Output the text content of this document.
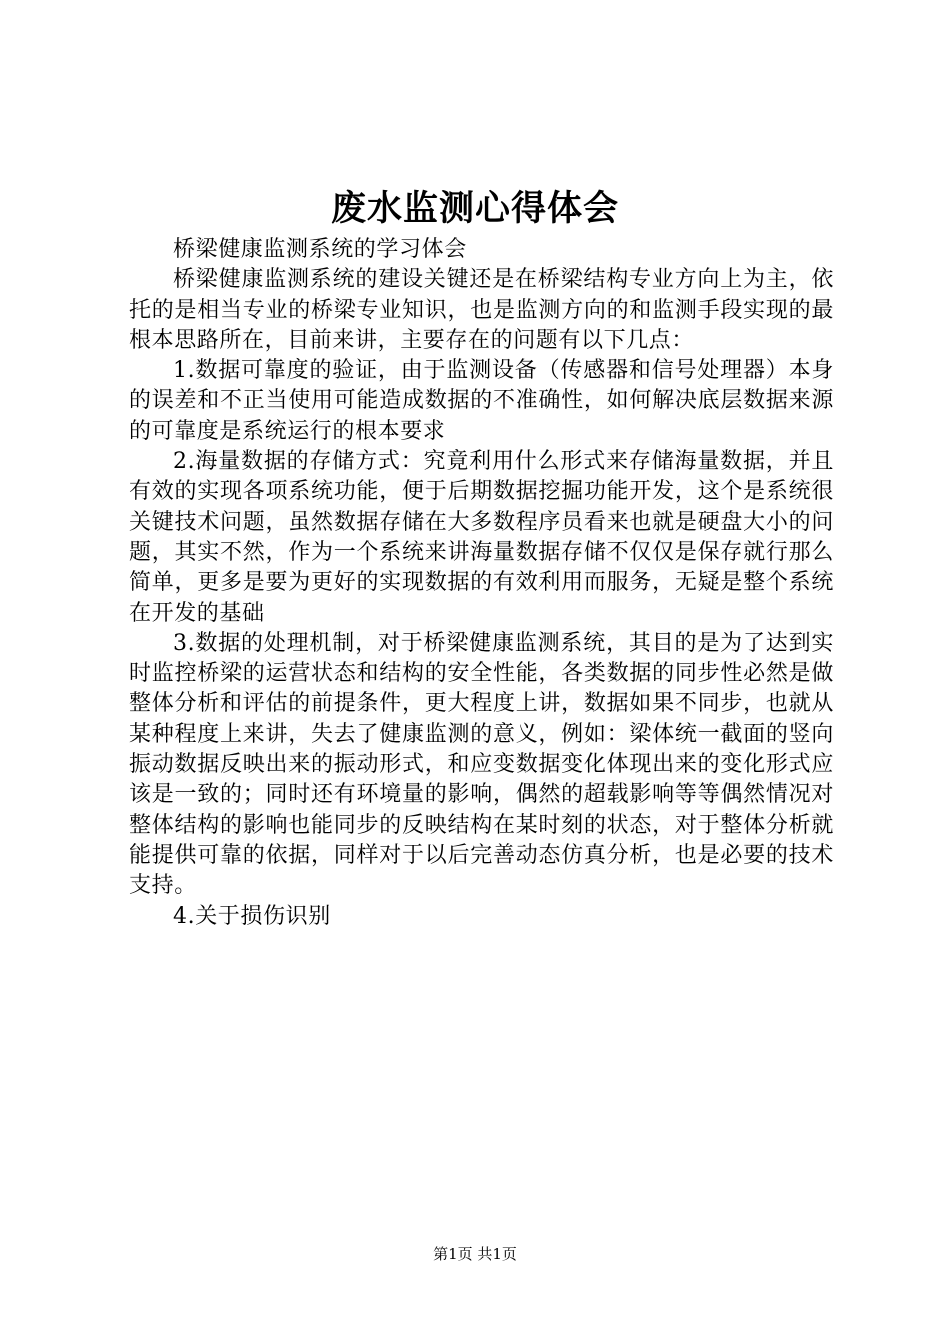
废水监测心得体会

桥梁健康监测系统的学习体会

桥梁健康监测系统的建设关键还是在桥梁结构专业方向上为主，依托的是相当专业的桥梁专业知识，也是监测方向的和监测手段实现的最根本思路所在，目前来讲，主要存在的问题有以下几点：

1.数据可靠度的验证，由于监测设备（传感器和信号处理器）本身的误差和不正当使用可能造成数据的不准确性，如何解决底层数据来源的可靠度是系统运行的根本要求

2.海量数据的存储方式：究竟利用什么形式来存储海量数据，并且有效的实现各项系统功能，便于后期数据挖掘功能开发，这个是系统很关键技术问题，虽然数据存储在大多数程序员看来也就是硬盘大小的问题，其实不然，作为一个系统来讲海量数据存储不仅仅是保存就行那么简单，更多是要为更好的实现数据的有效利用而服务，无疑是整个系统在开发的基础

3.数据的处理机制，对于桥梁健康监测系统，其目的是为了达到实时监控桥梁的运营状态和结构的安全性能，各类数据的同步性必然是做整体分析和评估的前提条件，更大程度上讲，数据如果不同步，也就从某种程度上来讲，失去了健康监测的意义，例如：梁体统一截面的竖向振动数据反映出来的振动形式，和应变数据变化体现出来的变化形式应该是一致的；同时还有环境量的影响，偶然的超载影响等等偶然情况对整体结构的影响也能同步的反映结构在某时刻的状态，对于整体分析就能提供可靠的依据，同样对于以后完善动态仿真分析，也是必要的技术支持。

4.关于损伤识别

第1页 共1页
